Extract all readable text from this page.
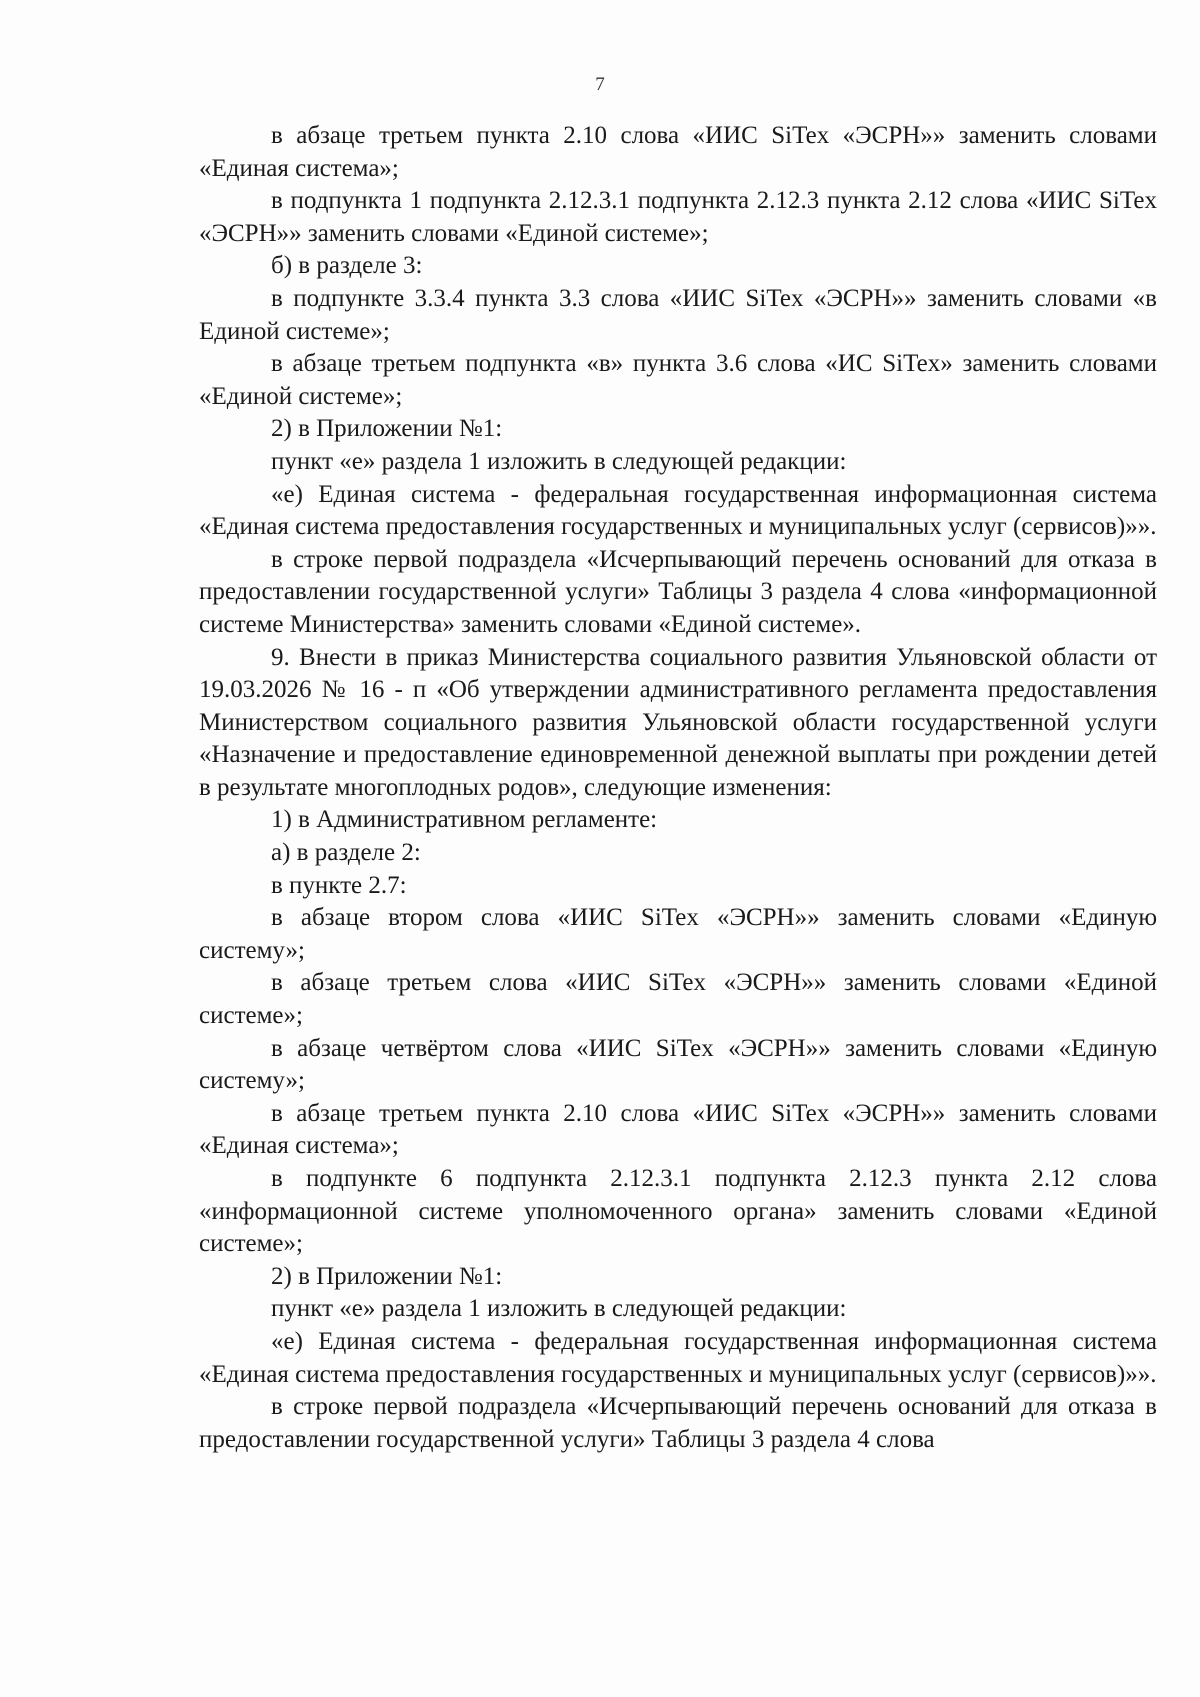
7

в абзаце третьем пункта 2.10 слова «ИИС SiTex «ЭСРН»» заменить словами «Единая система»;

в подпункта 1 подпункта 2.12.3.1 подпункта 2.12.3 пункта 2.12 слова «ИИС SiTex «ЭСРН»» заменить словами «Единой системе»;

б) в разделе 3:

в подпункте 3.3.4 пункта 3.3 слова «ИИС SiTex «ЭСРН»» заменить словами «в Единой системе»;

в абзаце третьем подпункта «в» пункта 3.6 слова «ИС SiTex» заменить словами «Единой системе»;

2) в Приложении №1:

пункт «е» раздела 1 изложить в следующей редакции:

«е) Единая система - федеральная государственная информационная система «Единая система предоставления государственных и муниципальных услуг (сервисов)»».

в строке первой подраздела «Исчерпывающий перечень оснований для отказа в предоставлении государственной услуги» Таблицы 3 раздела 4 слова «информационной системе Министерства» заменить словами «Единой системе».

9. Внести в приказ Министерства социального развития Ульяновской области от 19.03.2026 № 16 - п «Об утверждении административного регламента предоставления Министерством социального развития Ульяновской области государственной услуги «Назначение и предоставление единовременной денежной выплаты при рождении детей в результате многоплодных родов», следующие изменения:

1) в Административном регламенте:

а) в разделе 2:

в пункте 2.7:

в абзаце втором слова «ИИС SiTex «ЭСРН»» заменить словами «Единую систему»;

в абзаце третьем слова «ИИС SiTex «ЭСРН»» заменить словами «Единой системе»;

в абзаце четвёртом слова «ИИС SiTex «ЭСРН»» заменить словами «Единую систему»;

в абзаце третьем пункта 2.10 слова «ИИС SiTex «ЭСРН»» заменить словами «Единая система»;

в подпункте 6 подпункта 2.12.3.1 подпункта 2.12.3 пункта 2.12 слова «информационной системе уполномоченного органа» заменить словами «Единой системе»;

2) в Приложении №1:

пункт «е» раздела 1 изложить в следующей редакции:

«е) Единая система - федеральная государственная информационная система «Единая система предоставления государственных и муниципальных услуг (сервисов)»».

в строке первой подраздела «Исчерпывающий перечень оснований для отказа в предоставлении государственной услуги» Таблицы 3 раздела 4 слова
